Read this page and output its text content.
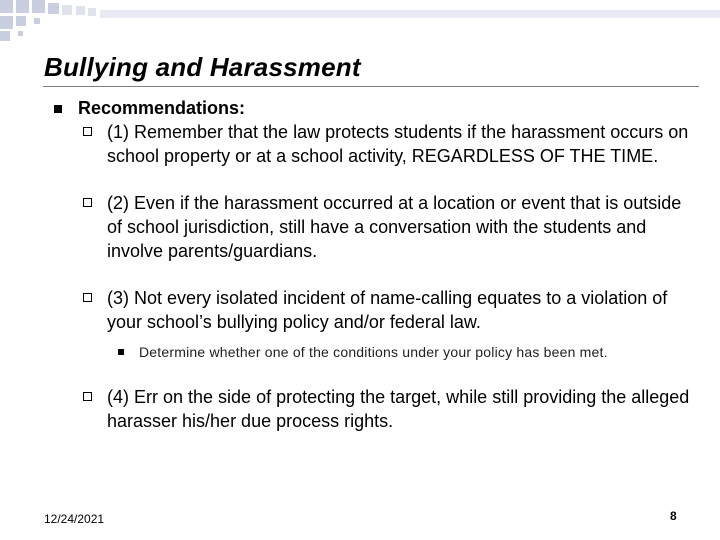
Bullying and Harassment
Recommendations:
(1) Remember that the law protects students if the harassment occurs on school property or at a school activity, REGARDLESS OF THE TIME.
(2) Even if the harassment occurred at a location or event that is outside of school jurisdiction, still have a conversation with the students and involve parents/guardians.
(3) Not every isolated incident of name-calling equates to a violation of your school’s bullying policy and/or federal law.
Determine whether one of the conditions under your policy has been met.
(4) Err on the side of protecting the target, while still providing the alleged harasser his/her due process rights.
12/24/2021	8
